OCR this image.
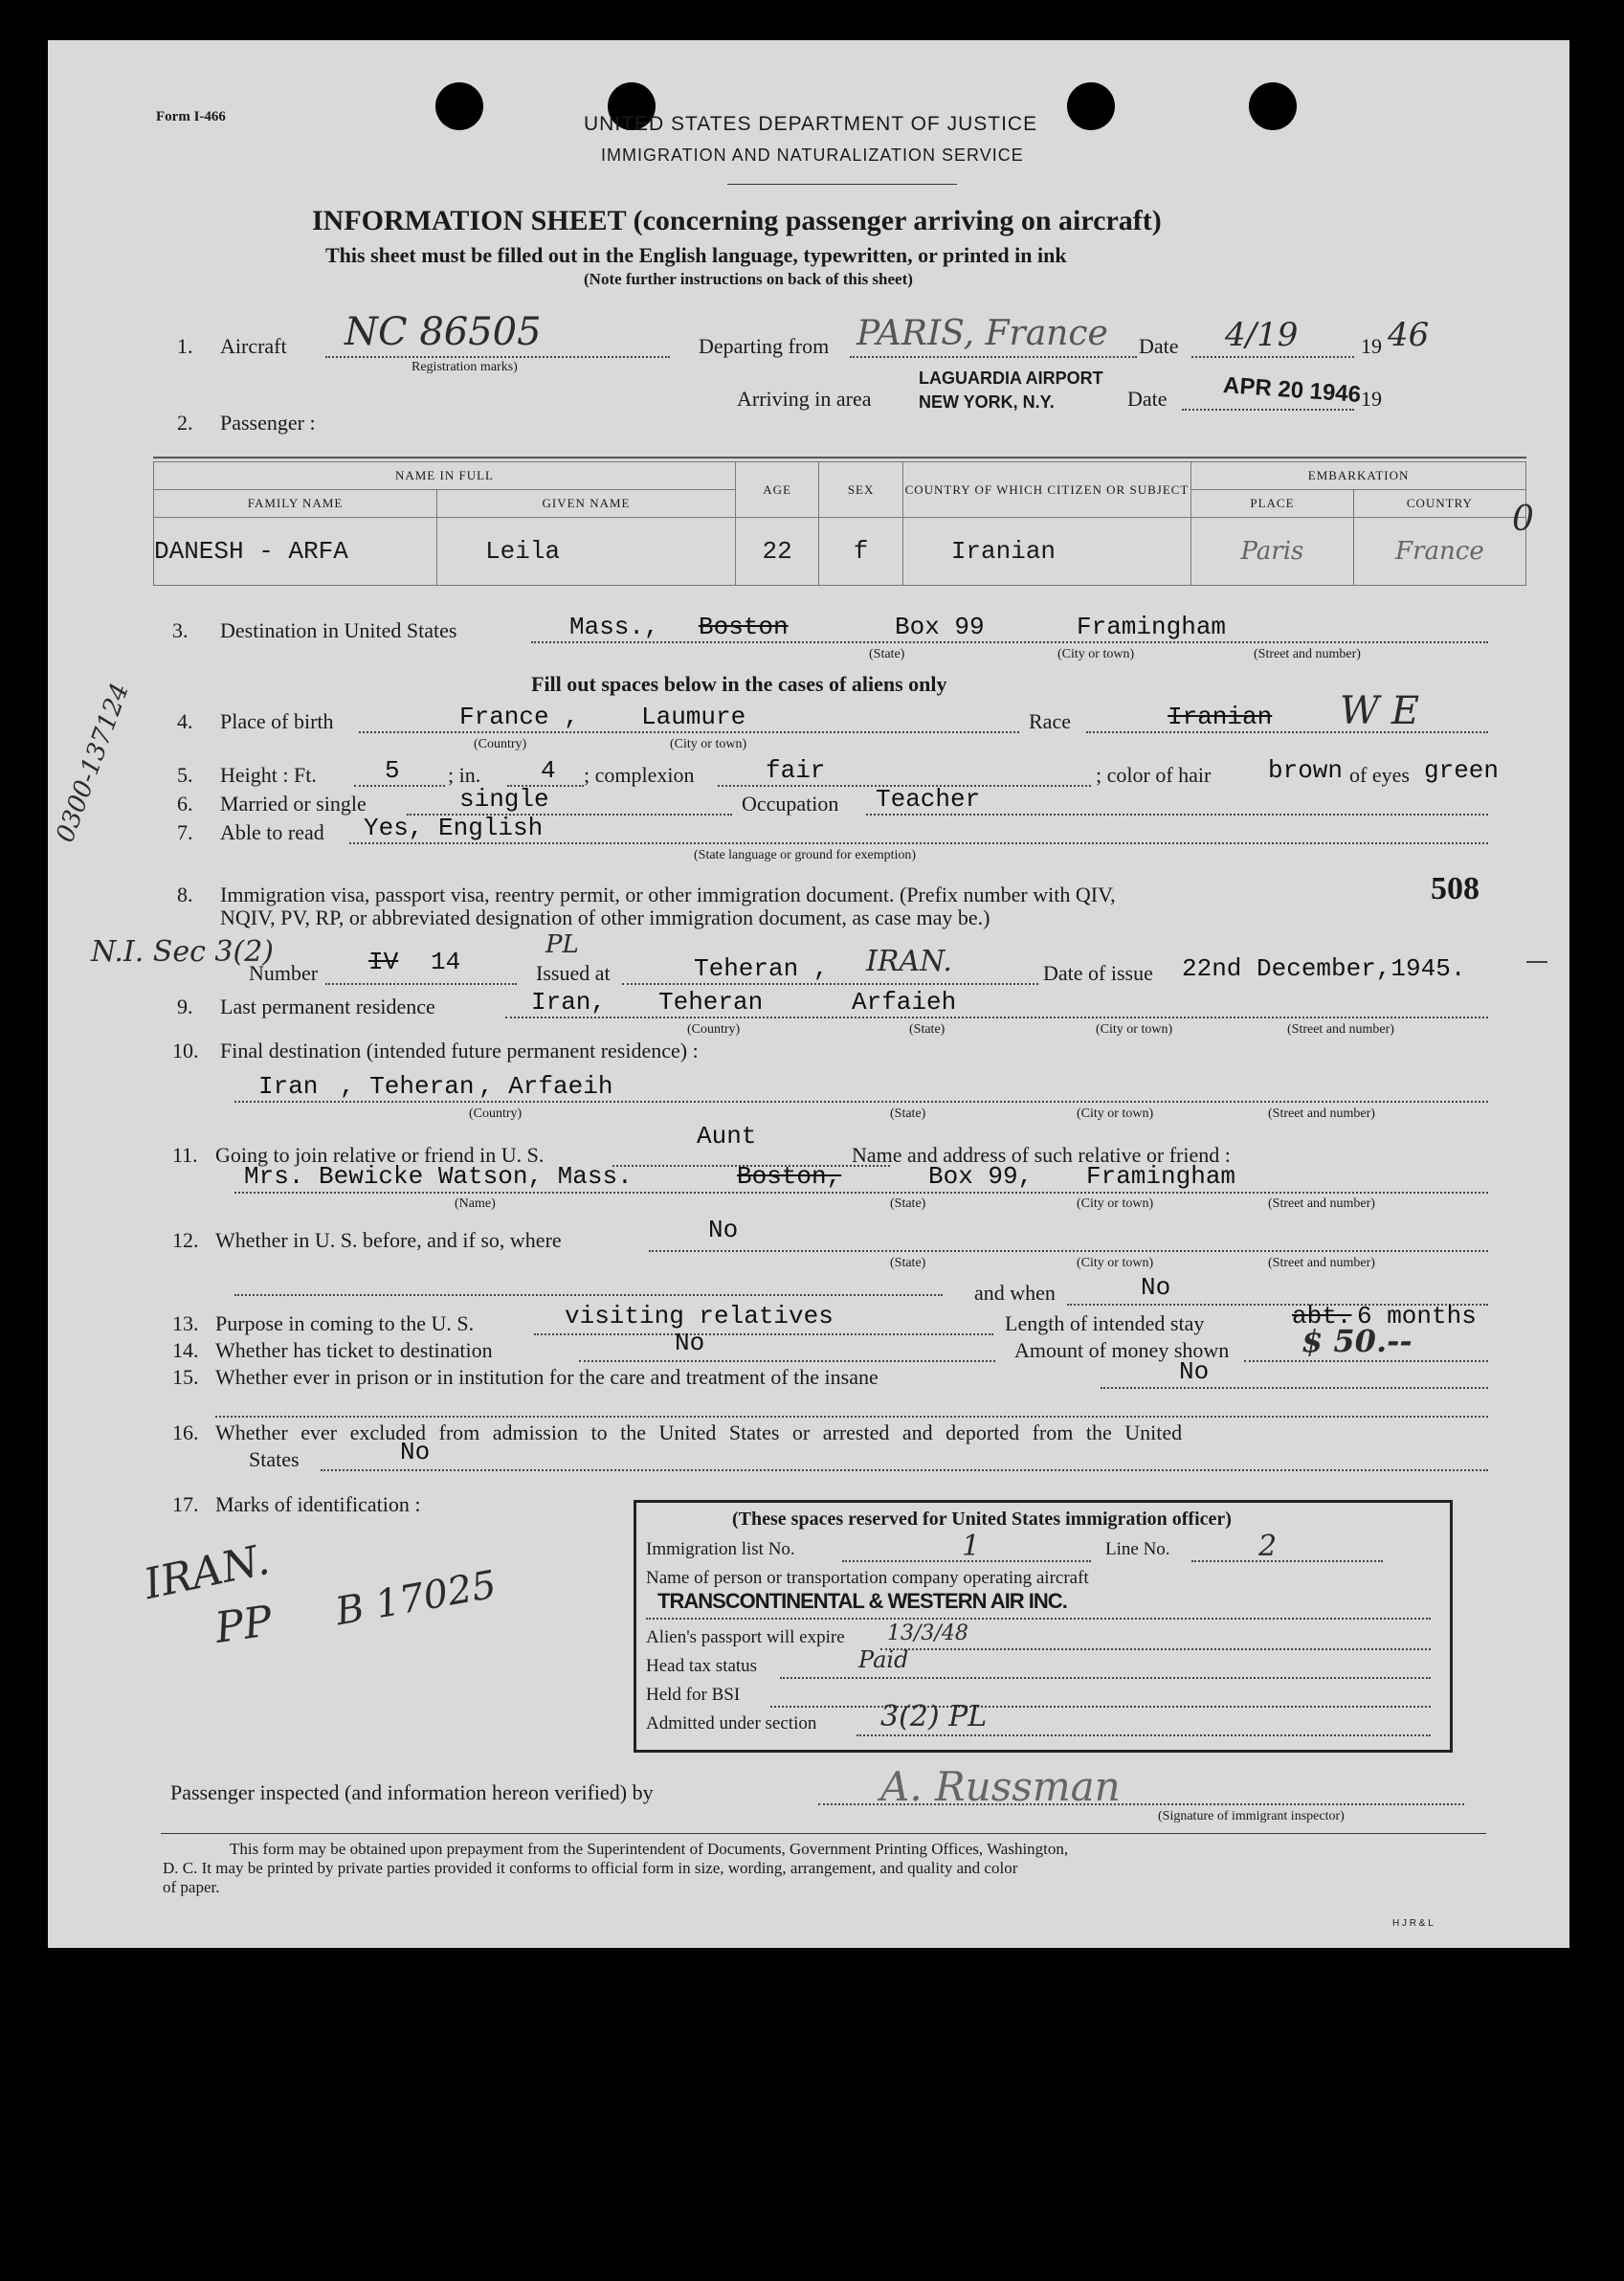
Form I-466	UNITED STATES DEPARTMENT OF JUSTICE
IMMIGRATION AND NATURALIZATION SERVICE
INFORMATION SHEET (concerning passenger arriving on aircraft)
This sheet must be filled out in the English language, typewritten, or printed in ink
(Note further instructions on back of this sheet)
1. Aircraft NC 86505
Registration marks)
Departing from PARIS, France Date 4/19	19 46
Arriving in area
LAGUARDIA AIRPORT
NEW YORK, N.Y.	Date APR 20 1946 19
2. Passenger :
NAME IN FULL		AGE	SEX	COUNTRY OF WHICH CITIZEN OR SUBJECT	EMBARKATION	
FAMILY NAME	GIVEN NAME				PLACE	COUNTRY
DANESH - ARFA	Leila	22	f	Iranian	Paris	France
0
0300-137124
3. Destination in United States	Mass., Boston	Box 99	Framingham
(State)	(City or town)	(Street and number)
Fill out spaces below in the cases of aliens only
4. Place of birth	France ,	Laumure
(Country)	(City or town)
Race	Iranian W E
5. Height : Ft.	5 ; in. 4 ; complexion	fair	; color of hair brown of eyes green
6. Married or single	single	Occupation Teacher
7. Able to read Yes, English
(State language or ground for exemption)
8. Immigration visa, passport visa, reentry permit, or other immigration document. (Prefix number with QIV,
NQIV, PV, RP, or abbreviated designation of other immigration document, as case may be.)
508
N.I. Sec 3(2)
Number IV 14
PL
Issued at	Teheran , IRAN.	Date of issue 22nd December,1945.
9. Last permanent residence	Iran, Teheran	Arfaieh
(Country)	(State)	(City or town)	(Street and number)
10. Final destination (intended future permanent residence) :
Iran , Teheran , Arfaeih
(Country)	(State)	(City or town)	(Street and number)
11. Going to join relative or friend in U. S.
Aunt
Name and address of such relative or friend :
Mrs. Bewicke Watson, Mass.	Boston,	Box 99, Framingham
(Name)	(State)	(City or town)	(Street and number)
12. Whether in U. S. before, and if so, where	No
(State)	(City or town)	(Street and number)
and when	No
13. Purpose in coming to the U. S.	visiting relatives	Length of intended stay	abt. 6 months
14. Whether has ticket to destination	No	Amount of money shown $ 50.--
15. Whether ever in prison or in institution for the care and treatment of the insane	No
16. Whether ever excluded from admission to the United States or arrested and deported from the United
States	No
17. Marks of identification :
IRAN.
PP B 17025
(These spaces reserved for United States immigration officer)
Immigration list No.	1	Line No.	2
Name of person or transportation company operating aircraft
TRANSCONTINENTAL & WESTERN AIR INC.
Alien's passport will expire 13/3/48
Head tax status	Paid
Held for BSI
Admitted under section 3(2) PL
Passenger inspected (and information hereon verified) by	A. Russman
(Signature of immigrant inspector)
This form may be obtained upon prepayment from the Superintendent of Documents, Government Printing Offices, Washington,
D. C. It may be printed by private parties provided it conforms to official form in size, wording, arrangement, and quality and color
of paper.
H J R & L
